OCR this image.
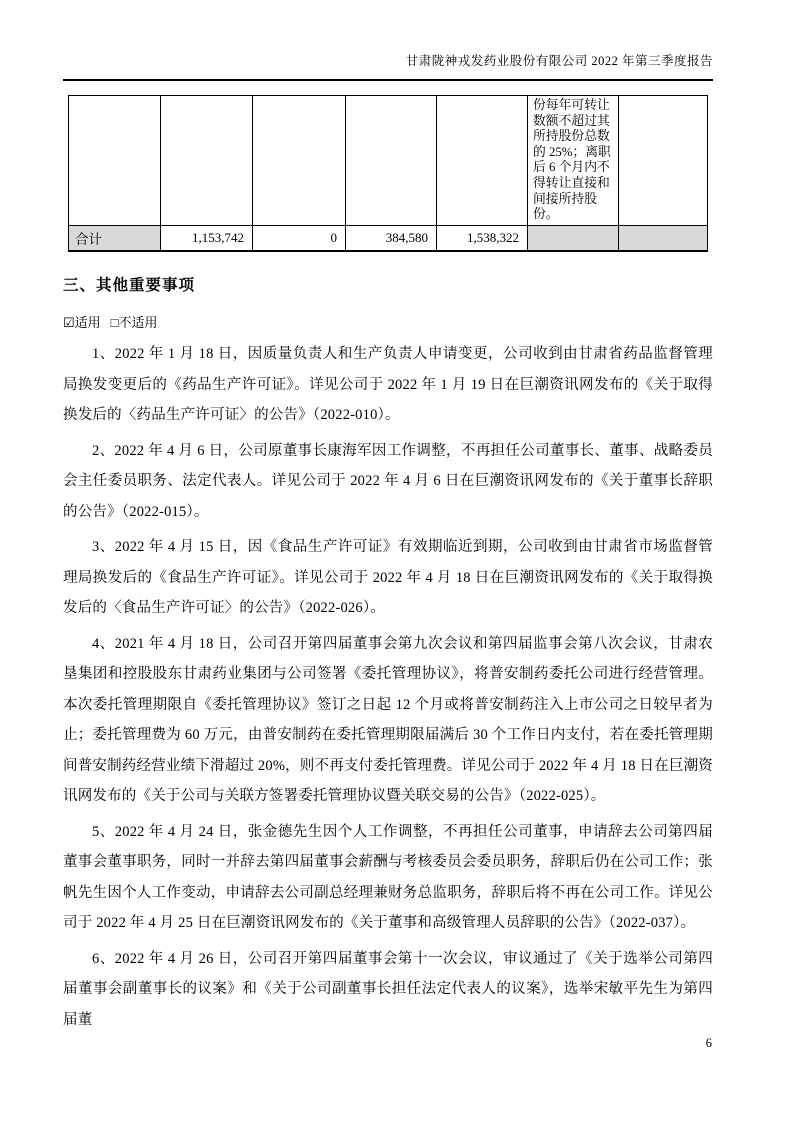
甘肃陇神戎发药业股份有限公司 2022 年第三季度报告
					份每年可转让数额不超过其所持股份总数的 25%；离职后 6 个月内不得转让直接和间接所持股份。	
合计	1,153,742	0	384,580	1,538,322		
三、其他重要事项
☑适用 □不适用

1、2022 年 1 月 18 日，因质量负责人和生产负责人申请变更，公司收到由甘肃省药品监督管理局换发变更后的《药品生产许可证》。详见公司于 2022 年 1 月 19 日在巨潮资讯网发布的《关于取得换发后的〈药品生产许可证〉的公告》（2022-010）。

2、2022 年 4 月 6 日，公司原董事长康海军因工作调整，不再担任公司董事长、董事、战略委员会主任委员职务、法定代表人。详见公司于 2022 年 4 月 6 日在巨潮资讯网发布的《关于董事长辞职的公告》（2022-015）。

3、2022 年 4 月 15 日，因《食品生产许可证》有效期临近到期，公司收到由甘肃省市场监督管理局换发后的《食品生产许可证》。详见公司于 2022 年 4 月 18 日在巨潮资讯网发布的《关于取得换发后的〈食品生产许可证〉的公告》（2022-026）。

4、2021 年 4 月 18 日，公司召开第四届董事会第九次会议和第四届监事会第八次会议，甘肃农垦集团和控股股东甘肃药业集团与公司签署《委托管理协议》，将普安制药委托公司进行经营管理。本次委托管理期限自《委托管理协议》签订之日起 12 个月或将普安制药注入上市公司之日较早者为止；委托管理费为 60 万元，由普安制药在委托管理期限届满后 30 个工作日内支付，若在委托管理期间普安制药经营业绩下滑超过 20%，则不再支付委托管理费。详见公司于 2022 年 4 月 18 日在巨潮资讯网发布的《关于公司与关联方签署委托管理协议暨关联交易的公告》（2022-025）。

5、2022 年 4 月 24 日，张金德先生因个人工作调整，不再担任公司董事，申请辞去公司第四届董事会董事职务，同时一并辞去第四届董事会薪酬与考核委员会委员职务，辞职后仍在公司工作；张帆先生因个人工作变动，申请辞去公司副总经理兼财务总监职务，辞职后将不再在公司工作。详见公司于 2022 年 4 月 25 日在巨潮资讯网发布的《关于董事和高级管理人员辞职的公告》（2022-037）。

6、2022 年 4 月 26 日，公司召开第四届董事会第十一次会议，审议通过了《关于选举公司第四届董事会副董事长的议案》和《关于公司副董事长担任法定代表人的议案》，选举宋敏平先生为第四届董

6
